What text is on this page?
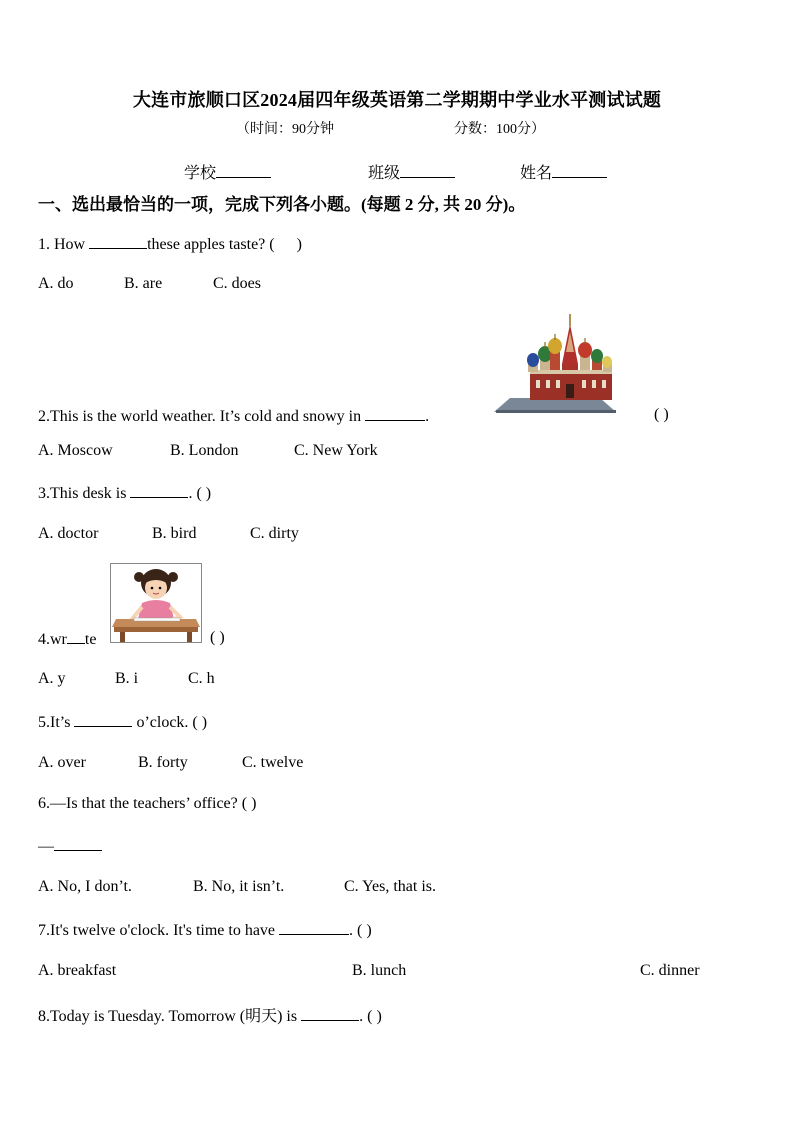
大连市旅顺口区2024届四年级英语第二学期期中学业水平测试试题
（时间：90分钟	分数：100分）
学校	班级	姓名
一、选出最恰当的一项，完成下列各小题。(每题 2 分, 共 20 分)。
1. How	these apples taste? ( )
A. do	B. are	C. does
2.This is the world weather. It’s cold and snowy in	.	( )
A. Moscow	B. London	C. New York
3.This desk is	. ( )
A. doctor	B. bird	C. dirty
4.wr te	( )
A. y	B. i	C. h
5.It’s	o’clock. ( )
A. over	B. forty	C. twelve
6.—Is that the teachers’ office? ( )
—
A. No, I don’t.	B. No, it isn’t.	C. Yes, that is.
7.It's twelve o'clock. It's time to have	. ( )
A. breakfast	B. lunch	C. dinner
8.Today is Tuesday. Tomorrow (明天) is	. ( )
